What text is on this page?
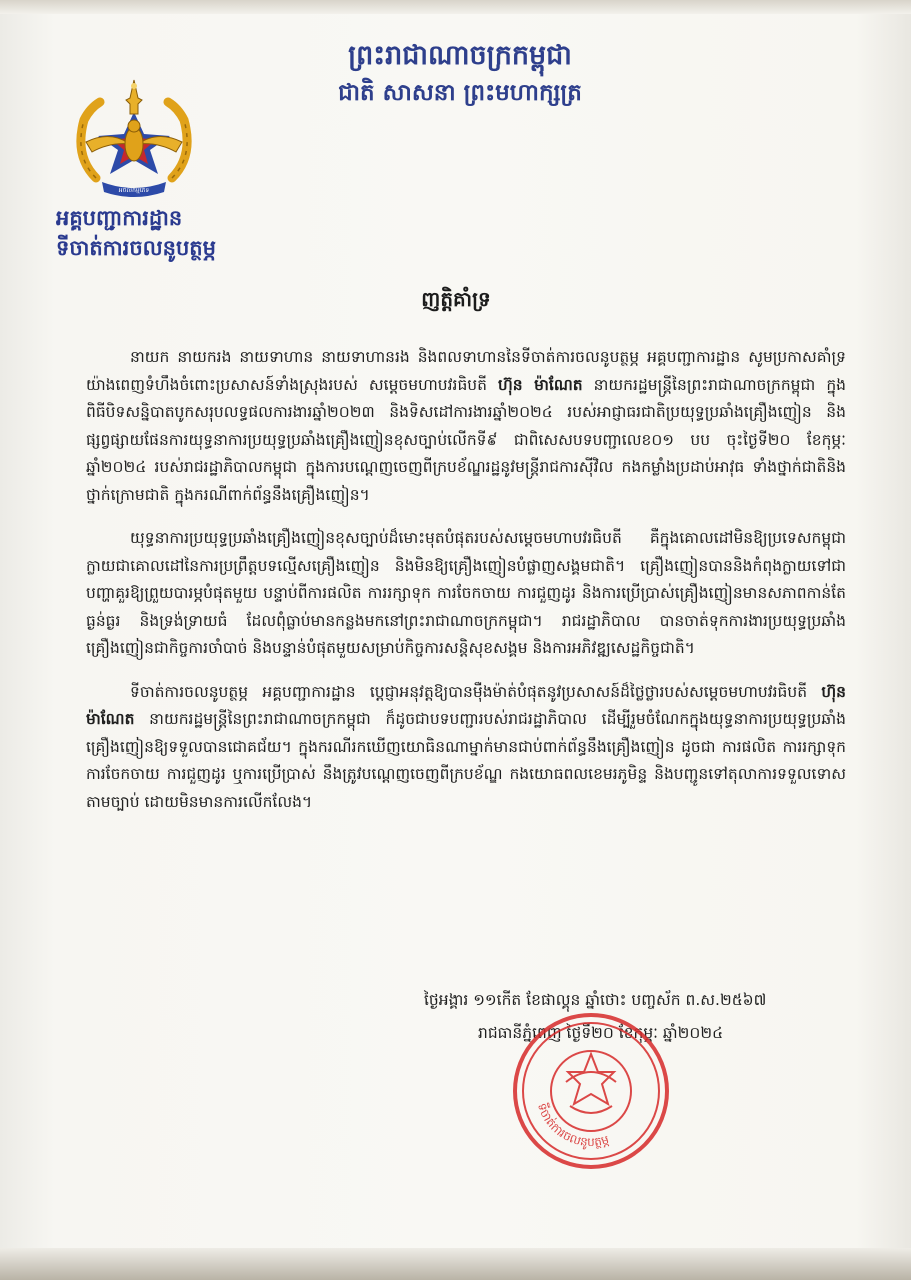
ព្រះរាជាណាចក្រកម្ពុជា
ជាតិ សាសនា ព្រះមហាក្សត្រ
អចលកម្មភេទ
អគ្គបញ្ជាការដ្ឋាន
ទីចាត់ការចលនូបត្ថម្ភ
ញត្តិគាំទ្រ

នាយក នាយករង នាយទាហាន នាយទាហានរង និងពលទាហាននៃទីចាត់ការចលនូបត្ថម្ភ អគ្គបញ្ជាការដ្ឋាន សូមប្រកាសគាំទ្រយ៉ាងពេញទំហឹងចំពោះប្រសាសន៍ទាំងស្រុងរបស់ សម្តេចមហាបវរធិបតី ហ៊ុន ម៉ាណែត នាយករដ្ឋមន្ត្រីនៃព្រះរាជាណាចក្រកម្ពុជា ក្នុងពិធីបិទសន្និបាតបូកសរុបលទ្ធផលការងារឆ្នាំ២០២៣ និងទិសដៅការងារឆ្នាំ២០២៤ របស់អាជ្ញាធរជាតិប្រយុទ្ធប្រឆាំងគ្រឿងញៀន និងផ្សព្វផ្សាយផែនការយុទ្ធនាការប្រយុទ្ធប្រឆាំងគ្រឿងញៀនខុសច្បាប់លើកទី៩ ជាពិសេសបទបញ្ជាលេខ០១ បប ចុះថ្ងៃទី២០ ខែកុម្ភៈ ឆ្នាំ២០២៤ របស់រាជរដ្ឋាភិបាលកម្ពុជា ក្នុងការបណ្តេញចេញពីក្របខ័ណ្ឌរដ្ឋនូវមន្ត្រីរាជការស៊ីវិល កងកម្លាំងប្រដាប់អាវុធ ទាំងថ្នាក់ជាតិនិងថ្នាក់ក្រោមជាតិ ក្នុងករណីពាក់ព័ន្ធនឹងគ្រឿងញៀន។

យុទ្ធនាការប្រយុទ្ធប្រឆាំងគ្រឿងញៀនខុសច្បាប់ដ៏មោះមុតបំផុតរបស់សម្តេចមហាបវរធិបតី គឺក្នុងគោលដៅមិនឱ្យប្រទេសកម្ពុជាក្លាយជាគោលដៅនៃការប្រព្រឹត្តបទល្មើសគ្រឿងញៀន និងមិនឱ្យគ្រឿងញៀនបំផ្លាញសង្គមជាតិ។ គ្រឿងញៀនបាននិងកំពុងក្លាយទៅជាបញ្ហាគួរឱ្យព្រួយបារម្ភបំផុតមួយ បន្ទាប់ពីការផលិត ការរក្សាទុក ការចែកចាយ ការជួញដូរ និងការប្រើប្រាស់គ្រឿងញៀនមានសភាពកាន់តែធ្ងន់ធ្ងរ និងទ្រង់ទ្រាយធំ ដែលពុំធ្លាប់មានកន្លងមកនៅព្រះរាជាណាចក្រកម្ពុជា។ រាជរដ្ឋាភិបាល បានចាត់ទុកការងារប្រយុទ្ធប្រឆាំងគ្រឿងញៀនជាកិច្ចការចាំបាច់ និងបន្ទាន់បំផុតមួយសម្រាប់កិច្ចការសន្តិសុខសង្គម និងការអភិវឌ្ឍសេដ្ឋកិច្ចជាតិ។

ទីចាត់ការចលនូបត្ថម្ភ អគ្គបញ្ជាការដ្ឋាន ប្តេជ្ញាអនុវត្តឱ្យបានម៉ឺងម៉ាត់បំផុតនូវប្រសាសន៍ដ៏ថ្លៃថ្លារបស់សម្តេចមហាបវរធិបតី ហ៊ុន ម៉ាណែត នាយករដ្ឋមន្ត្រីនៃព្រះរាជាណាចក្រកម្ពុជា ក៏ដូចជាបទបញ្ជារបស់រាជរដ្ឋាភិបាល ដើម្បីរួមចំណែកក្នុងយុទ្ធនាការប្រយុទ្ធប្រឆាំងគ្រឿងញៀនឱ្យទទួលបានជោគជ័យ។ ក្នុងករណីរកឃើញយោធិនណាម្នាក់មានជាប់ពាក់ព័ន្ធនឹងគ្រឿងញៀន ដូចជា ការផលិត ការរក្សាទុក ការចែកចាយ ការជួញដូរ ឬការប្រើប្រាស់ នឹងត្រូវបណ្តេញចេញពីក្របខ័ណ្ឌ កងយោធពលខេមរភូមិន្ទ និងបញ្ជូនទៅតុលាការទទួលទោសតាមច្បាប់ ដោយមិនមានការលើកលែង។

ថ្ងៃអង្គារ ១១កើត ខែផាល្គុន ឆ្នាំថោះ បញ្ចស័ក ព.ស.២៥៦៧
រាជធានីភ្នំពេញ ថ្ងៃទី២០ ខែកុម្ភៈ ឆ្នាំ២០២៤
ទីចាត់ការចលនូបត្ថម្ភ
